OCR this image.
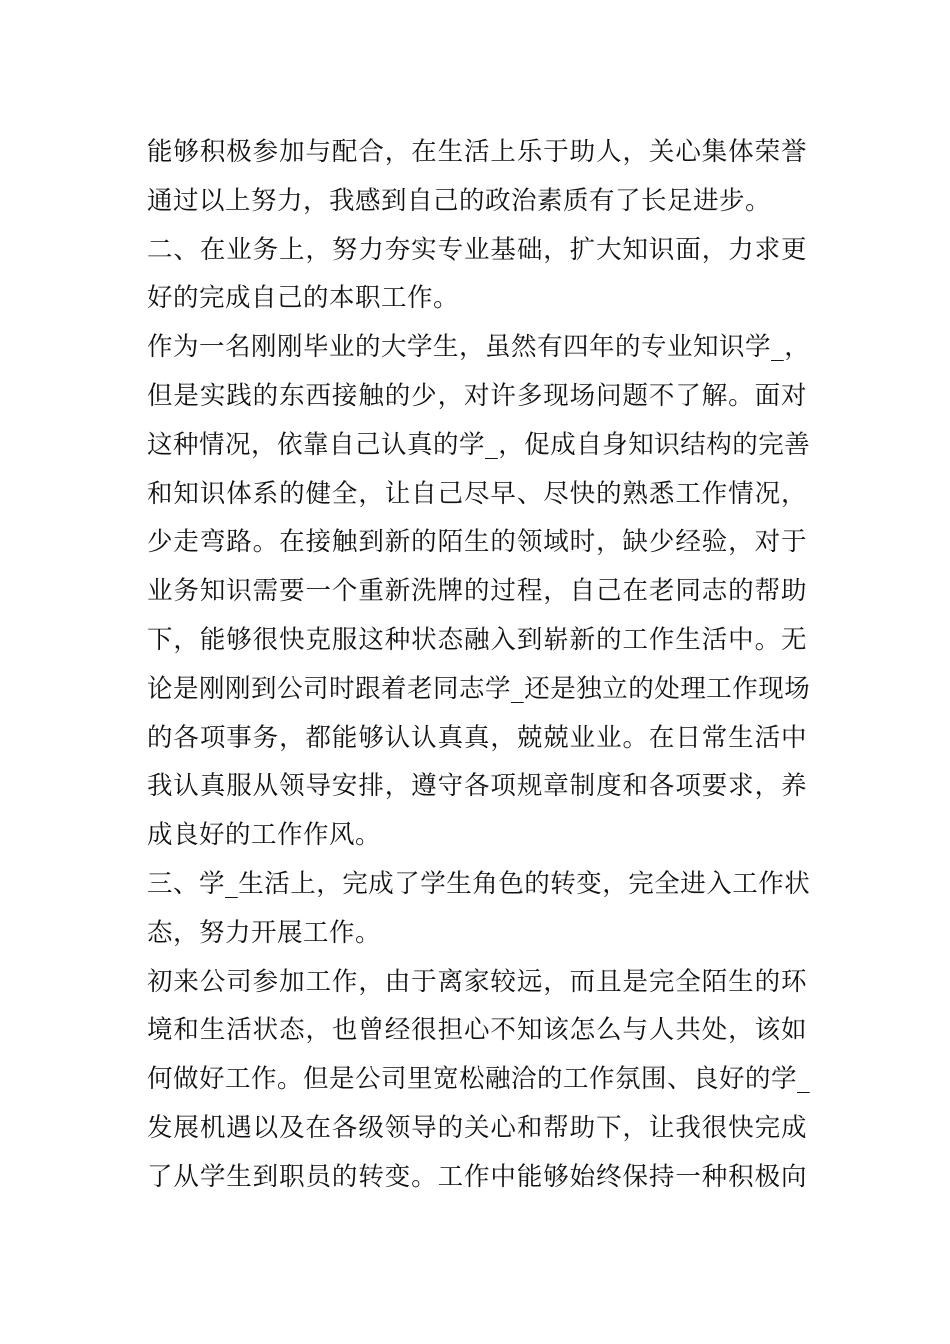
能够积极参加与配合，在生活上乐于助人，关心集体荣誉
通过以上努力，我感到自己的政治素质有了长足进步。
二、在业务上，努力夯实专业基础，扩大知识面，力求更
好的完成自己的本职工作。
作为一名刚刚毕业的大学生，虽然有四年的专业知识学_，
但是实践的东西接触的少，对许多现场问题不了解。面对
这种情况，依靠自己认真的学_，促成自身知识结构的完善
和知识体系的健全，让自己尽早、尽快的熟悉工作情况，
少走弯路。在接触到新的陌生的领域时，缺少经验，对于
业务知识需要一个重新洗牌的过程，自己在老同志的帮助
下，能够很快克服这种状态融入到崭新的工作生活中。无
论是刚刚到公司时跟着老同志学_还是独立的处理工作现场
的各项事务，都能够认认真真，兢兢业业。在日常生活中
我认真服从领导安排，遵守各项规章制度和各项要求，养
成良好的工作作风。
三、学_生活上，完成了学生角色的转变，完全进入工作状
态，努力开展工作。
初来公司参加工作，由于离家较远，而且是完全陌生的环
境和生活状态，也曾经很担心不知该怎么与人共处，该如
何做好工作。但是公司里宽松融洽的工作氛围、良好的学_
发展机遇以及在各级领导的关心和帮助下，让我很快完成
了从学生到职员的转变。工作中能够始终保持一种积极向
